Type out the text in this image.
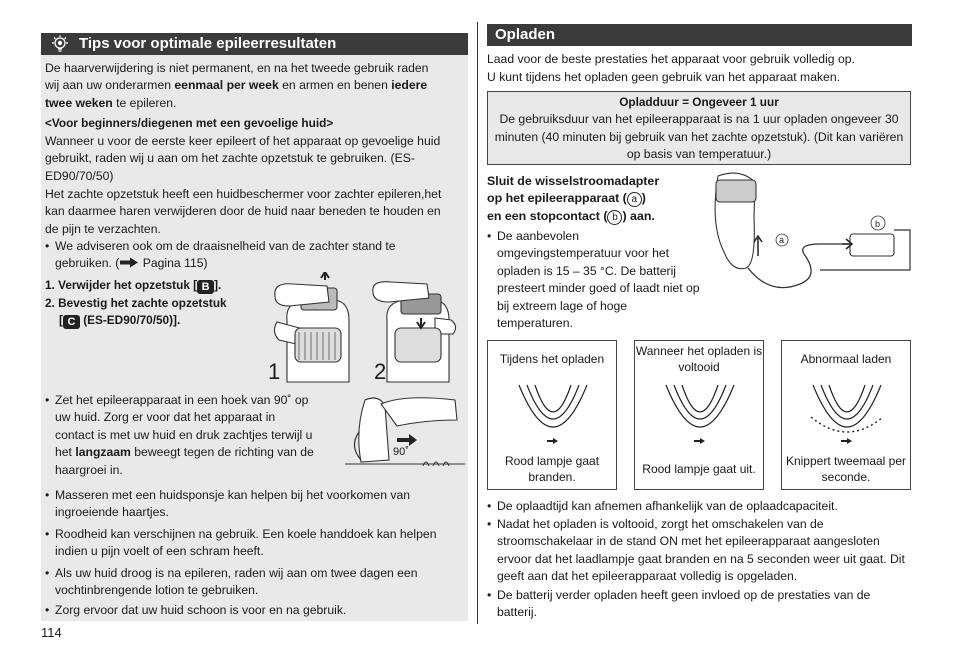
Tips voor optimale epileerresultaten

De haarverwijdering is niet permanent, en na het tweede gebruik raden
wij aan uw onderarmen eenmaal per week en armen en benen iedere
twee weken te epileren.

<Voor beginners/diegenen met een gevoelige huid>

Wanneer u voor de eerste keer epileert of het apparaat op gevoelige huid gebruikt, raden wij u aan om het zachte opzetstuk te gebruiken. (ES-ED90/70/50)

Het zachte opzetstuk heeft een huidbeschermer voor zachter epileren,het kan daarmee haren verwijderen door de huid naar beneden te houden en de pijn te verzachten.

• We adviseren ook om de draaisnelheid van de zachter stand te gebruiken. ( Pagina 115)

1. Verwijder het opzetstuk [ B ].

2. Bevestig het zachte opzetstuk
[ C (ES-ED90/70/50)].

1	2

• Zet het epileerapparaat in een hoek van 90˚ op uw huid. Zorg er voor dat het apparaat in contact is met uw huid en druk zachtjes terwijl u het langzaam beweegt tegen de richting van de haargroei in.

90˚

• Masseren met een huidsponsje kan helpen bij het voorkomen van ingroeiende haartjes.

• Roodheid kan verschijnen na gebruik. Een koele handdoek kan helpen indien u pijn voelt of een schram heeft.

• Als uw huid droog is na epileren, raden wij aan om twee dagen een vochtinbrengende lotion te gebruiken.

• Zorg ervoor dat uw huid schoon is voor en na gebruik.

114
Opladen

Laad voor de beste prestaties het apparaat voor gebruik volledig op.

U kunt tijdens het opladen geen gebruik van het apparaat maken.

Opladduur = Ongeveer 1 uur
De gebruiksduur van het epileerapparaat is na 1 uur opladen ongeveer 30 minuten (40 minuten bij gebruik van het zachte opzetstuk). (Dit kan variëren op basis van temperatuur.)

Sluit de wisselstroomadapter
op het epileerapparaat ( a )
en een stopcontact ( b ) aan.

• De aanbevolen omgevingstemperatuur voor het opladen is 15 – 35 °C. De batterij presteert minder goed of laadt niet op bij extreem lage of hoge temperaturen.

a
b
Tijdens het opladen
Rood lampje gaat branden.
Wanneer het opladen is voltooid
Rood lampje gaat uit.
Abnormaal laden
Knippert tweemaal per seconde.

• De oplaadtijd kan afnemen afhankelijk van de oplaadcapaciteit.

• Nadat het opladen is voltooid, zorgt het omschakelen van de stroomschakelaar in de stand ON met het epileerapparaat aangesloten ervoor dat het laadlampje gaat branden en na 5 seconden weer uit gaat. Dit geeft aan dat het epileerapparaat volledig is opgeladen.

• De batterij verder opladen heeft geen invloed op de prestaties van de batterij.
